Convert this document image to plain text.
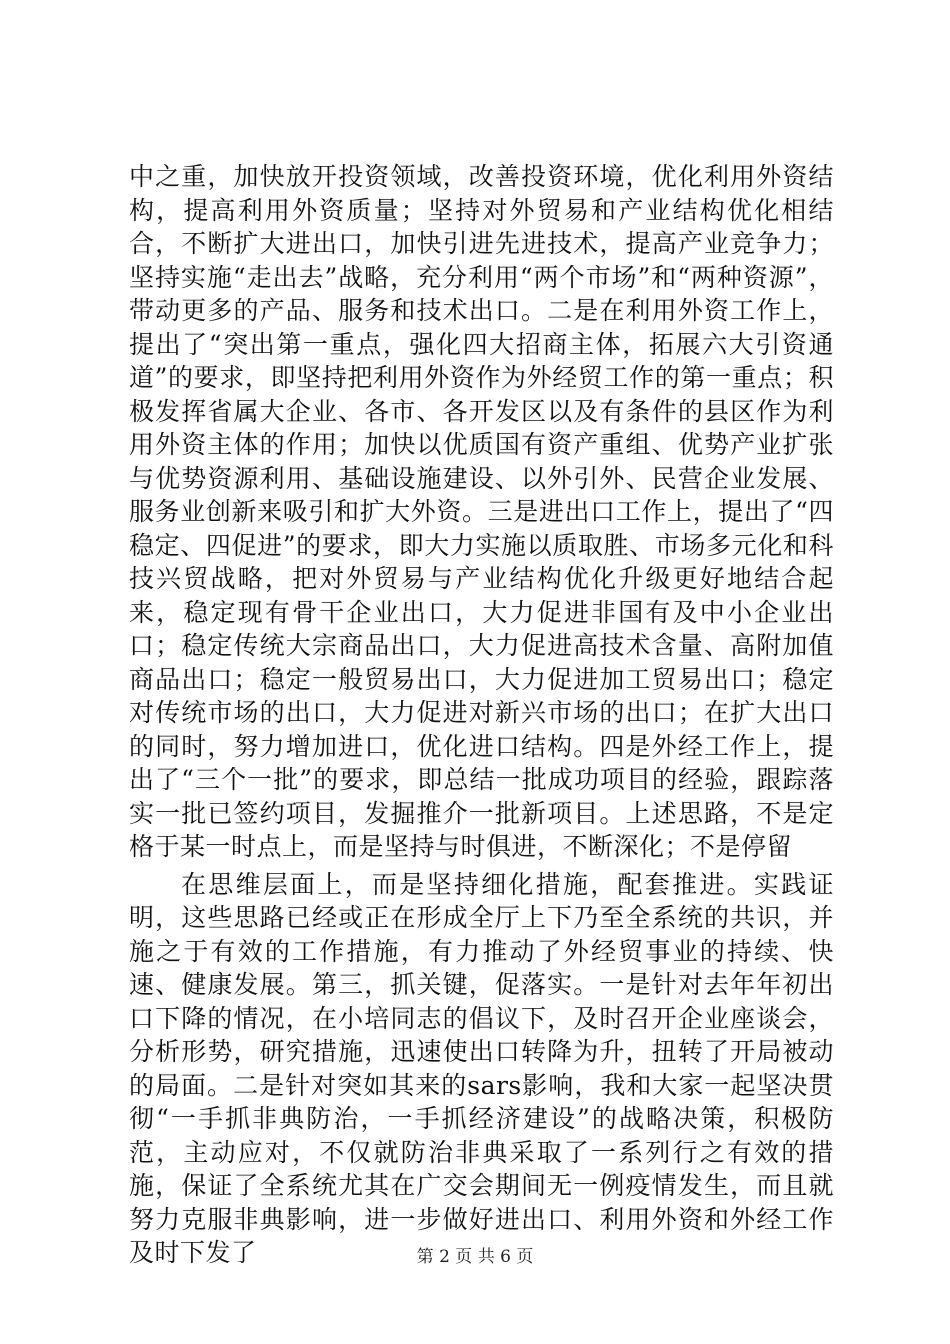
中之重，加快放开投资领域，改善投资环境，优化利用外资结构，提高利用外资质量；坚持对外贸易和产业结构优化相结合，不断扩大进出口，加快引进先进技术，提高产业竞争力；坚持实施“走出去”战略，充分利用“两个市场”和“两种资源”，带动更多的产品、服务和技术出口。二是在利用外资工作上，提出了“突出第一重点，强化四大招商主体，拓展六大引资通道”的要求，即坚持把利用外资作为外经贸工作的第一重点；积极发挥省属大企业、各市、各开发区以及有条件的县区作为利用外资主体的作用；加快以优质国有资产重组、优势产业扩张与优势资源利用、基础设施建设、以外引外、民营企业发展、服务业创新来吸引和扩大外资。三是进出口工作上，提出了“四稳定、四促进”的要求，即大力实施以质取胜、市场多元化和科技兴贸战略，把对外贸易与产业结构优化升级更好地结合起来，稳定现有骨干企业出口，大力促进非国有及中小企业出口；稳定传统大宗商品出口，大力促进高技术含量、高附加值商品出口；稳定一般贸易出口，大力促进加工贸易出口；稳定对传统市场的出口，大力促进对新兴市场的出口；在扩大出口的同时，努力增加进口，优化进口结构。四是外经工作上，提出了“三个一批”的要求，即总结一批成功项目的经验，跟踪落实一批已签约项目，发掘推介一批新项目。上述思路，不是定格于某一时点上，而是坚持与时俱进，不断深化；不是停留

在思维层面上，而是坚持细化措施，配套推进。实践证明，这些思路已经或正在形成全厅上下乃至全系统的共识，并施之于有效的工作措施，有力推动了外经贸事业的持续、快速、健康发展。第三，抓关键，促落实。一是针对去年年初出口下降的情况，在小培同志的倡议下，及时召开企业座谈会，分析形势，研究措施，迅速使出口转降为升，扭转了开局被动的局面。二是针对突如其来的sars影响，我和大家一起坚决贯彻“一手抓非典防治，一手抓经济建设”的战略决策，积极防范，主动应对，不仅就防治非典采取了一系列行之有效的措施，保证了全系统尤其在广交会期间无一例疫情发生，而且就努力克服非典影响，进一步做好进出口、利用外资和外经工作及时下发了	第 2 页 共 6 页
